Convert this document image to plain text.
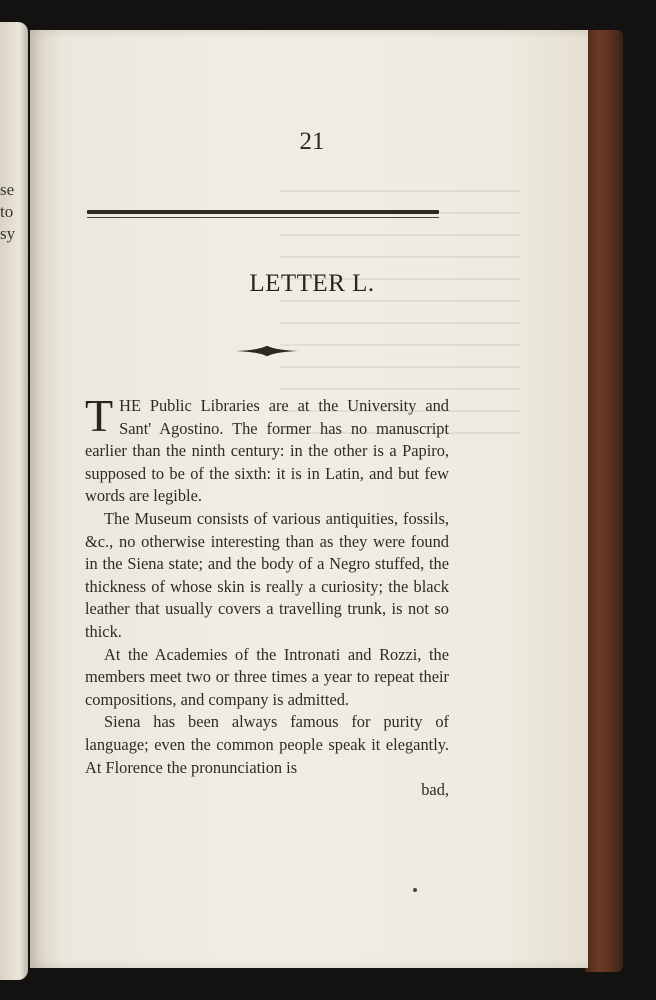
se
to
sy
21
LETTER L.

THE Public Libraries are at the University and Sant' Agostino. The former has no manuscript earlier than the ninth century: in the other is a Papiro, supposed to be of the sixth: it is in Latin, and but few words are legible.

The Museum consists of various antiquities, fossils, &c., no otherwise interesting than as they were found in the Siena state; and the body of a Negro stuffed, the thickness of whose skin is really a curiosity; the black leather that usually covers a travelling trunk, is not so thick.

At the Academies of the Intronati and Rozzi, the members meet two or three times a year to repeat their compositions, and company is admitted.

Siena has been always famous for purity of language; even the common people speak it elegantly. At Florence the pronunciation is

bad,
